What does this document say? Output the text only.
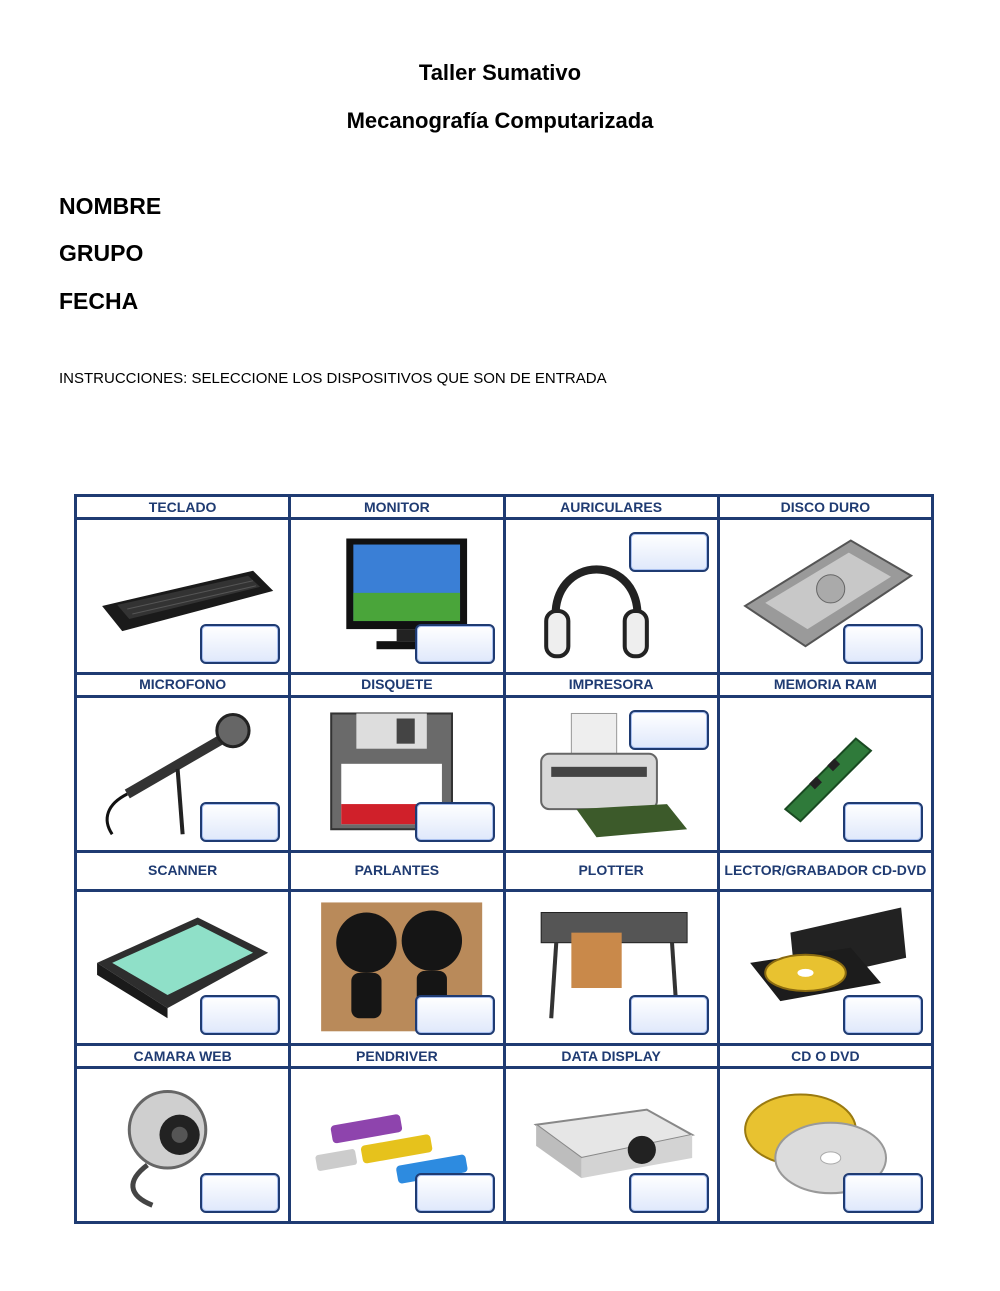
Taller Sumativo
Mecanografía Computarizada
NOMBRE
GRUPO
FECHA
INSTRUCCIONES: SELECCIONE LOS DISPOSITIVOS QUE SON DE ENTRADA
TECLADO	MONITOR	AURICULARES	DISCO DURO
MICROFONO	DISQUETE	IMPRESORA	MEMORIA RAM
SCANNER	PARLANTES	PLOTTER	LECTOR/GRABADOR CD-DVD
CAMARA WEB	PENDRIVER	DATA DISPLAY	CD O DVD
